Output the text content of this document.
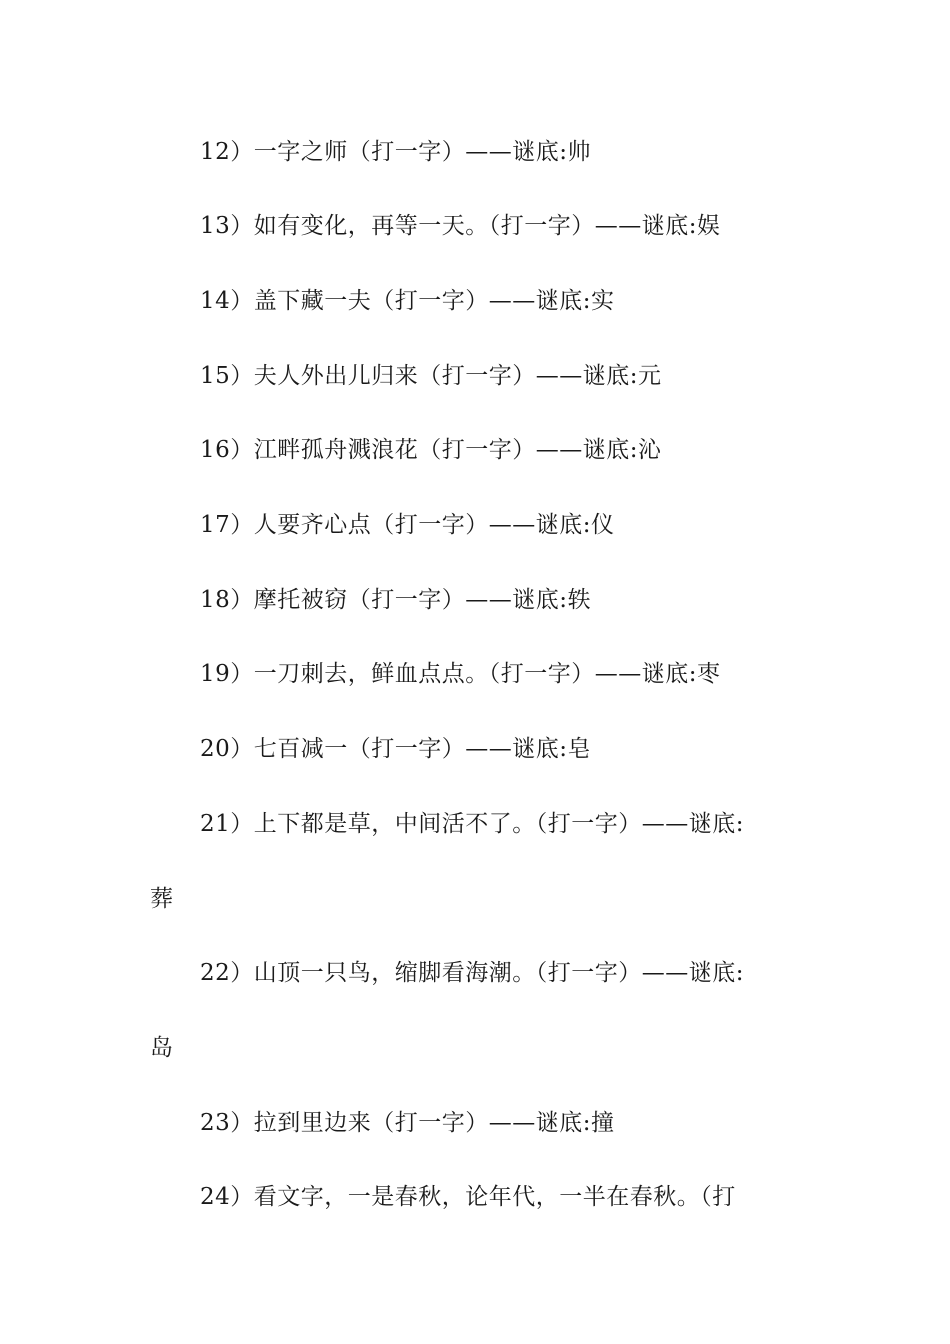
12）一字之师（打一字）——谜底:帅
13）如有变化，再等一天。（打一字）——谜底:娱
14）盖下藏一夫（打一字）——谜底:实
15）夫人外出儿归来（打一字）——谜底:元
16）江畔孤舟溅浪花（打一字）——谜底:沁
17）人要齐心点（打一字）——谜底:仪
18）摩托被窃（打一字）——谜底:轶
19）一刀刺去，鲜血点点。（打一字）——谜底:枣
20）七百减一（打一字）——谜底:皂
21）上下都是草，中间活不了。（打一字）——谜底:
葬
22）山顶一只鸟，缩脚看海潮。（打一字）——谜底:
岛
23）拉到里边来（打一字）——谜底:撞
24）看文字，一是春秋，论年代，一半在春秋。（打
